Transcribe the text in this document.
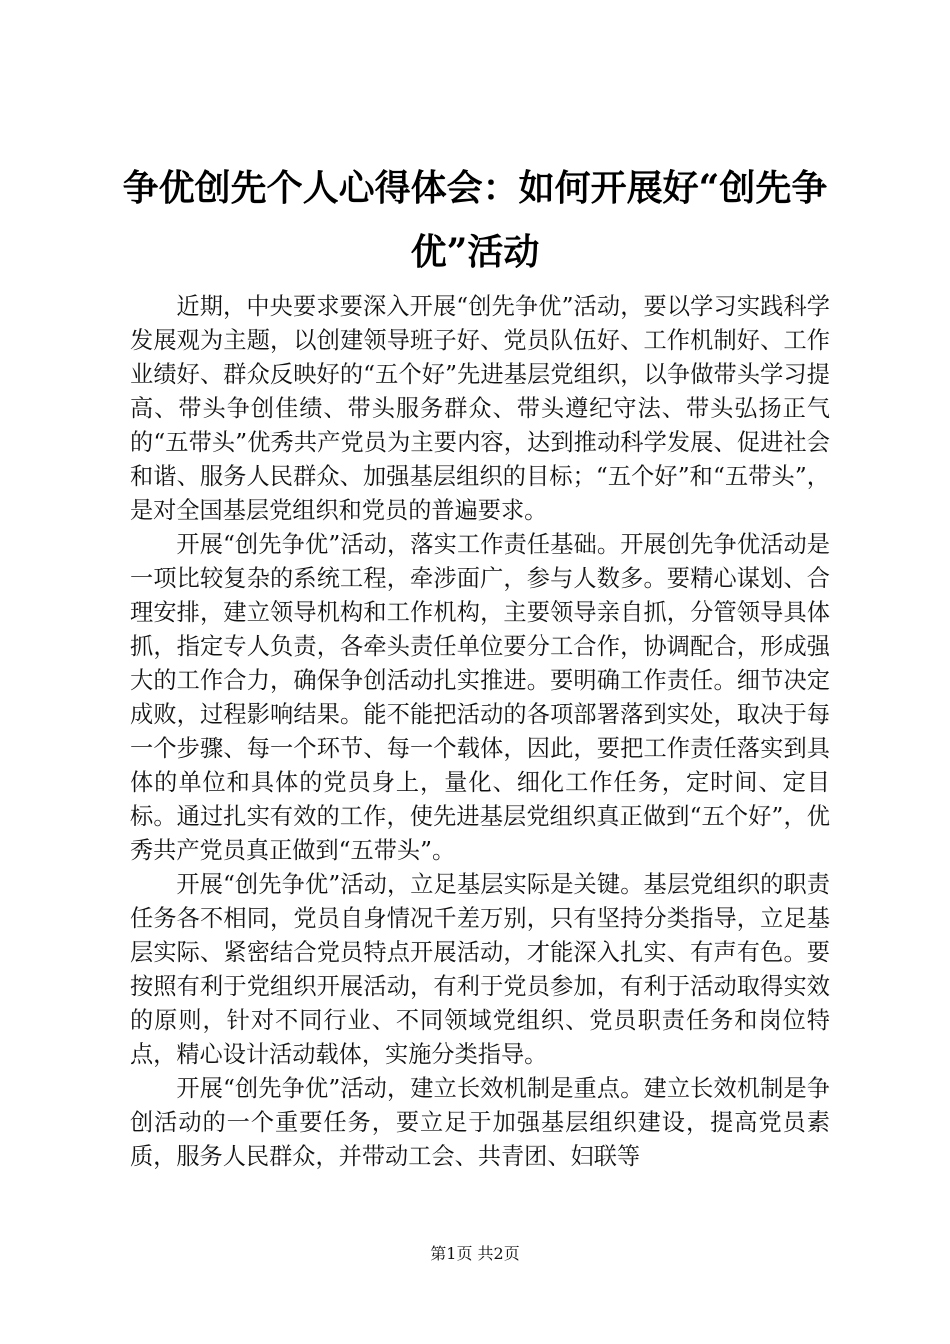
争优创先个人心得体会：如何开展好“创先争优”活动

近期，中央要求要深入开展“创先争优”活动，要以学习实践科学发展观为主题，以创建领导班子好、党员队伍好、工作机制好、工作业绩好、群众反映好的“五个好”先进基层党组织，以争做带头学习提高、带头争创佳绩、带头服务群众、带头遵纪守法、带头弘扬正气的“五带头”优秀共产党员为主要内容，达到推动科学发展、促进社会和谐、服务人民群众、加强基层组织的目标；“五个好”和“五带头”，是对全国基层党组织和党员的普遍要求。

开展“创先争优”活动，落实工作责任基础。开展创先争优活动是一项比较复杂的系统工程，牵涉面广，参与人数多。要精心谋划、合理安排，建立领导机构和工作机构，主要领导亲自抓，分管领导具体抓，指定专人负责，各牵头责任单位要分工合作，协调配合，形成强大的工作合力，确保争创活动扎实推进。要明确工作责任。细节决定成败，过程影响结果。能不能把活动的各项部署落到实处，取决于每一个步骤、每一个环节、每一个载体，因此，要把工作责任落实到具体的单位和具体的党员身上，量化、细化工作任务，定时间、定目标。通过扎实有效的工作，使先进基层党组织真正做到“五个好”，优秀共产党员真正做到“五带头”。

开展“创先争优”活动，立足基层实际是关键。基层党组织的职责任务各不相同，党员自身情况千差万别，只有坚持分类指导，立足基层实际、紧密结合党员特点开展活动，才能深入扎实、有声有色。要按照有利于党组织开展活动，有利于党员参加，有利于活动取得实效的原则，针对不同行业、不同领域党组织、党员职责任务和岗位特点，精心设计活动载体，实施分类指导。

开展“创先争优”活动，建立长效机制是重点。建立长效机制是争创活动的一个重要任务，要立足于加强基层组织建设，提高党员素质，服务人民群众，并带动工会、共青团、妇联等

第1页 共2页
